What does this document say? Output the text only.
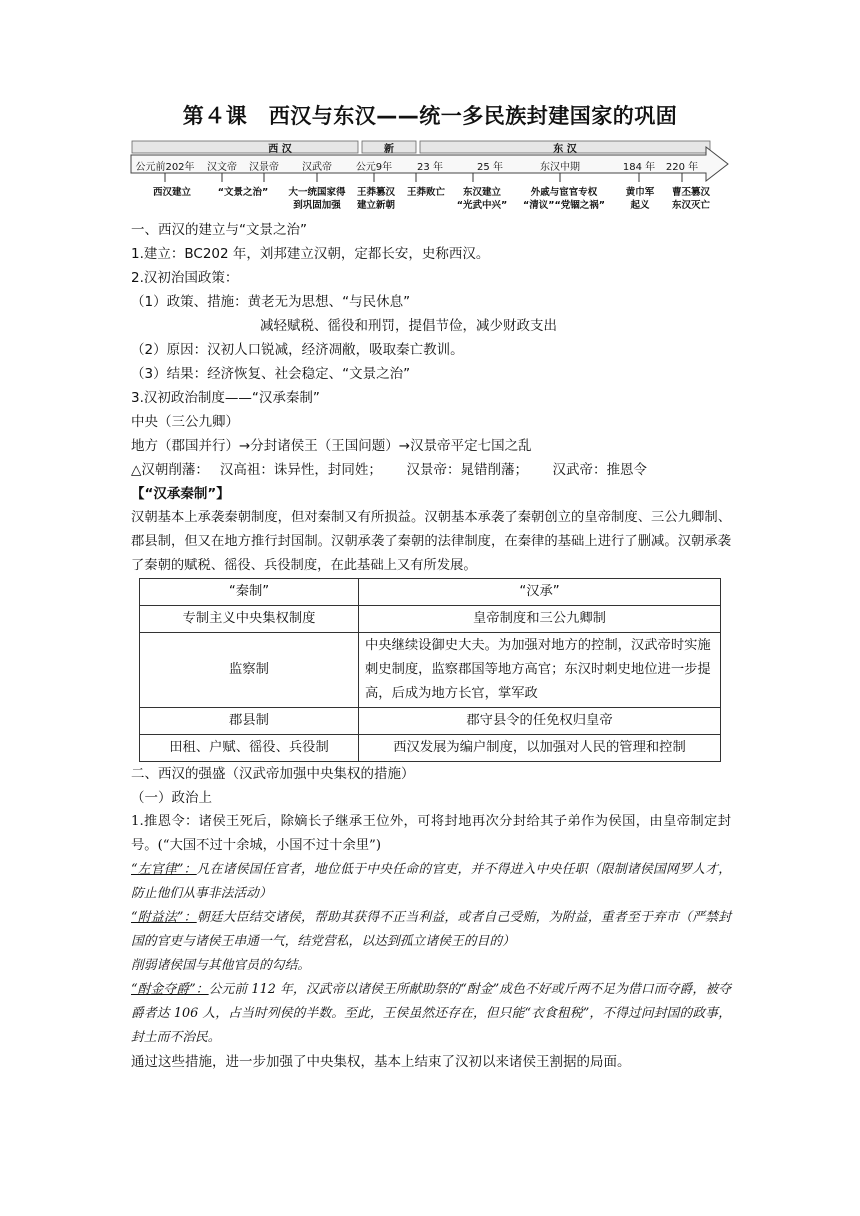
第４课　西汉与东汉——统一多民族封建国家的巩固
西 汉	新	东 汉
公元前202年 汉文帝 汉景帝 汉武帝 公元9年 23 年	25 年	东汉中期	184 年 220 年
西汉建立	“文景之治” 大一统国家得
到巩固加强
王莽篡汉
建立新朝
王莽败亡	东汉建立
“光武中兴”
外戚与宦官专权
“清议”“党锢之祸”
黄巾军
起义
曹丕篡汉
东汉灭亡
一、西汉的建立与“文景之治”
1.建立：BC202 年，刘邦建立汉朝，定都长安，史称西汉。
2.汉初治国政策：
（1）政策、措施：黄老无为思想、“与民休息”
减轻赋税、徭役和刑罚，提倡节俭，减少财政支出
（2）原因：汉初人口锐减，经济凋敝，吸取秦亡教训。
（3）结果：经济恢复、社会稳定、“文景之治”
3.汉初政治制度——“汉承秦制”
中央（三公九卿）
地方（郡国并行）→分封诸侯王（王国问题）→汉景帝平定七国之乱
△汉朝削藩：　 汉高祖：诛异性，封同姓；　　 汉景帝：晁错削藩；　　 汉武帝：推恩令
【“汉承秦制”】
汉朝基本上承袭秦朝制度，但对秦制又有所损益。汉朝基本承袭了秦朝创立的皇帝制度、三公九卿制、郡县制，但又在地方推行封国制。汉朝承袭了秦朝的法律制度，在秦律的基础上进行了删减。汉朝承袭了秦朝的赋税、徭役、兵役制度，在此基础上又有所发展。
“秦制”	“汉承”
专制主义中央集权制度	皇帝制度和三公九卿制
监察制	中央继续设御史大夫。为加强对地方的控制，汉武帝时实施刺史制度，监察郡国等地方高官；东汉时刺史地位进一步提高，后成为地方长官，掌军政
郡县制	郡守县令的任免权归皇帝
田租、户赋、徭役、兵役制	西汉发展为编户制度，以加强对人民的管理和控制
二、西汉的强盛（汉武帝加强中央集权的措施）
（一）政治上
1.推恩令：诸侯王死后，除嫡长子继承王位外，可将封地再次分封给其子弟作为侯国，由皇帝制定封号。(“大国不过十余城，小国不过十余里”)
“左官律”：凡在诸侯国任官者，地位低于中央任命的官吏，并不得进入中央任职（限制诸侯国网罗人才，防止他们从事非法活动）
“附益法”：朝廷大臣结交诸侯，帮助其获得不正当利益，或者自己受贿，为附益，重者至于弃市（严禁封国的官吏与诸侯王串通一气，结党营私，以达到孤立诸侯王的目的）
削弱诸侯国与其他官员的勾结。
“酎金夺爵”：公元前 112 年，汉武帝以诸侯王所献助祭的“酎金”成色不好或斤两不足为借口而夺爵，被夺爵者达 106 人，占当时列侯的半数。至此，王侯虽然还存在，但只能“衣食租税”，不得过问封国的政事，封土而不治民。
通过这些措施，进一步加强了中央集权，基本上结束了汉初以来诸侯王割据的局面。
